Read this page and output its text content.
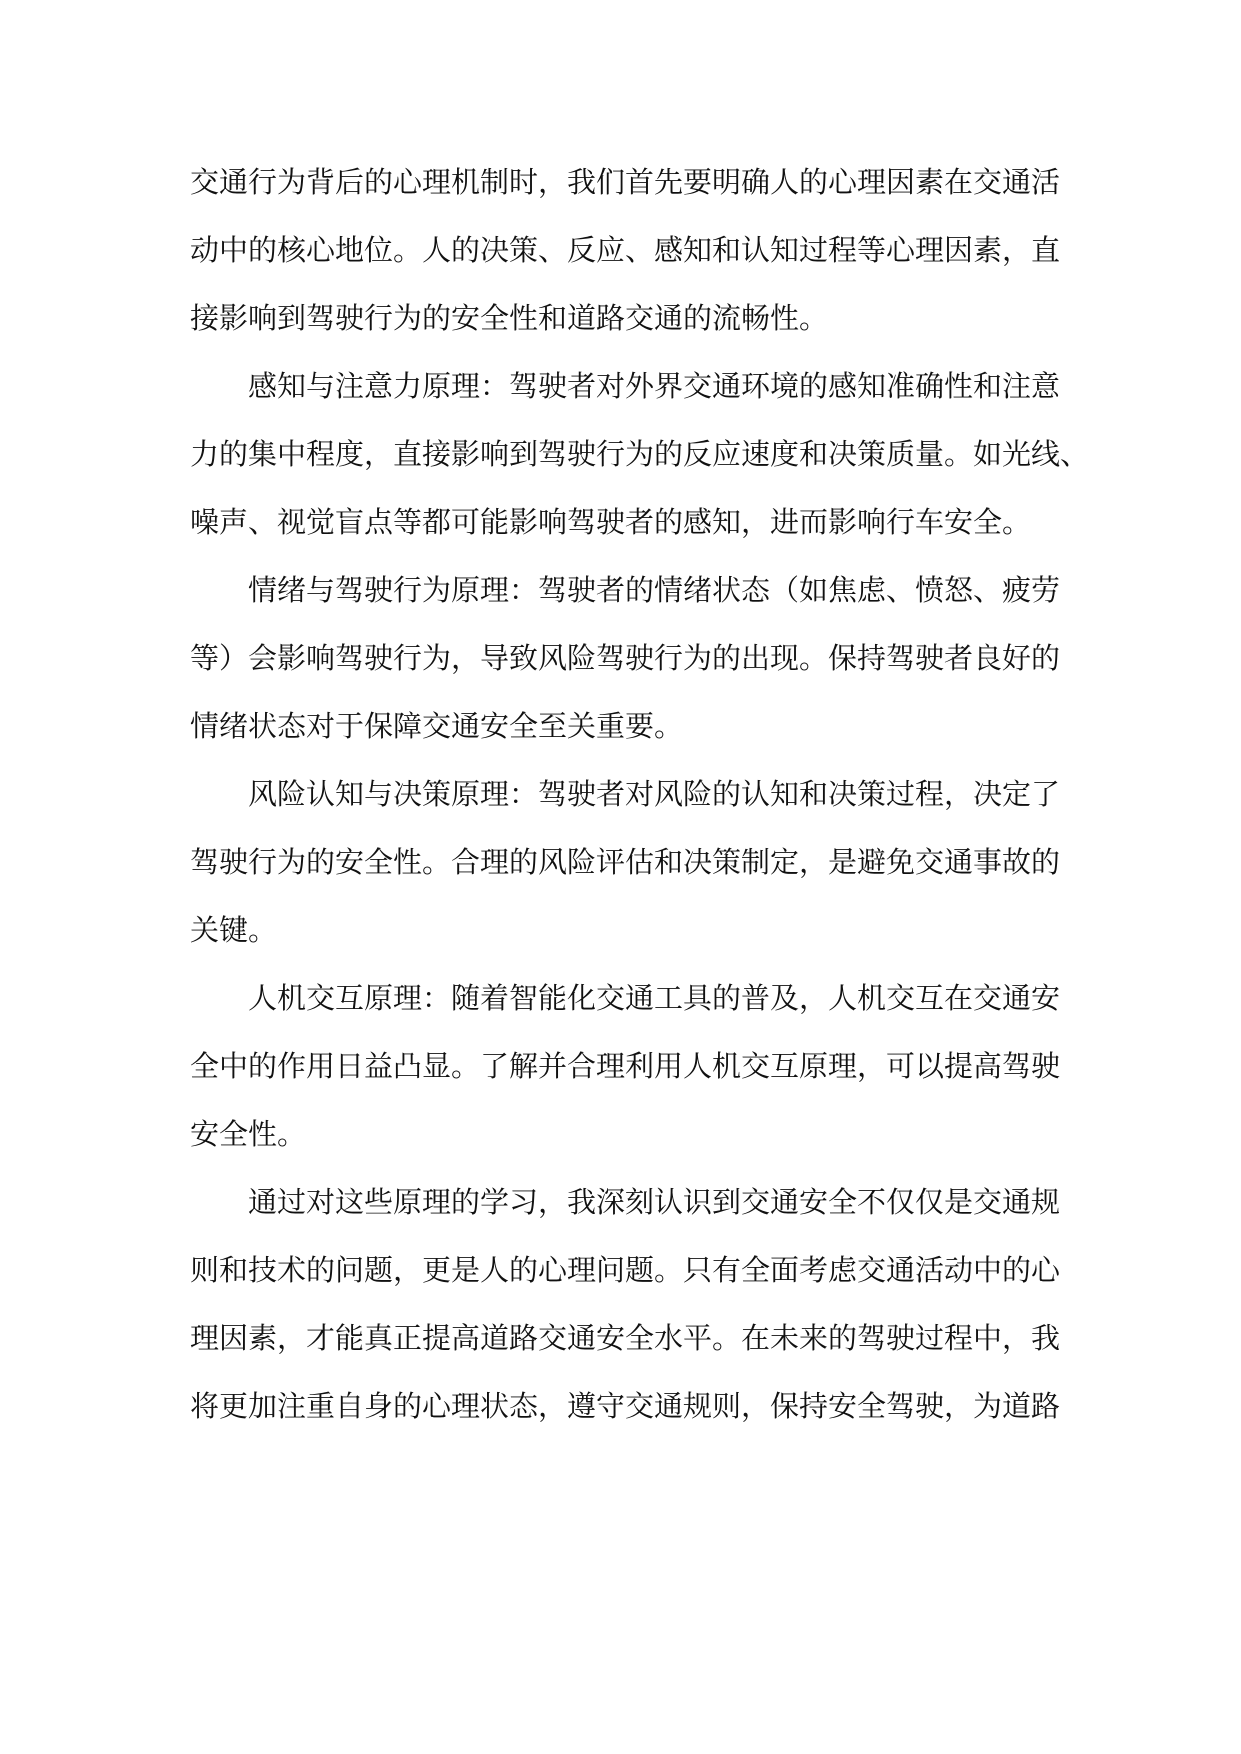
交通行为背后的心理机制时，我们首先要明确人的心理因素在交通活
动中的核心地位。人的决策、反应、感知和认知过程等心理因素，直
接影响到驾驶行为的安全性和道路交通的流畅性。
感知与注意力原理：驾驶者对外界交通环境的感知准确性和注意
力的集中程度，直接影响到驾驶行为的反应速度和决策质量。如光线、
噪声、视觉盲点等都可能影响驾驶者的感知，进而影响行车安全。
情绪与驾驶行为原理：驾驶者的情绪状态（如焦虑、愤怒、疲劳
等）会影响驾驶行为，导致风险驾驶行为的出现。保持驾驶者良好的
情绪状态对于保障交通安全至关重要。
风险认知与决策原理：驾驶者对风险的认知和决策过程，决定了
驾驶行为的安全性。合理的风险评估和决策制定，是避免交通事故的
关键。
人机交互原理：随着智能化交通工具的普及，人机交互在交通安
全中的作用日益凸显。了解并合理利用人机交互原理，可以提高驾驶
安全性。
通过对这些原理的学习，我深刻认识到交通安全不仅仅是交通规
则和技术的问题，更是人的心理问题。只有全面考虑交通活动中的心
理因素，才能真正提高道路交通安全水平。在未来的驾驶过程中，我
将更加注重自身的心理状态，遵守交通规则，保持安全驾驶，为道路
